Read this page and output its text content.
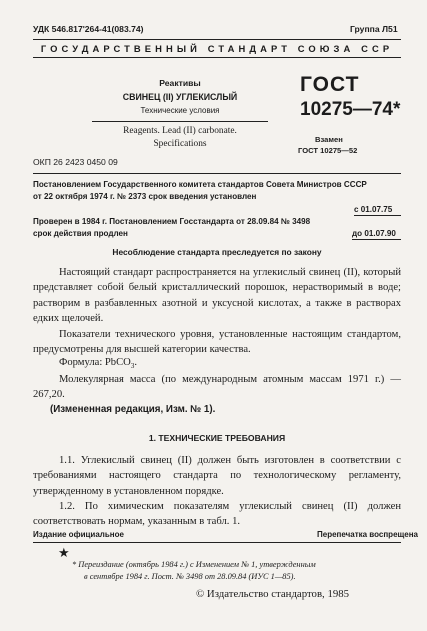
УДК 546.817'264-41(083.74)	Группа Л51
ГОСУДАРСТВЕННЫЙ СТАНДАРТ СОЮЗА ССР
Реактивы
СВИНЕЦ (II) УГЛЕКИСЛЫЙ
Технические условия
Reagents. Lead (II) carbonate.
Specifications
ГОСТ
10275—74*
Взамен
ГОСТ 10275—52
ОКП 26 2423 0450 09
Постановлением Государственного комитета стандартов Совета Министров СССР
от 22 октября 1974 г. № 2373 срок введения установлен
с 01.07.75
Проверен в 1984 г. Постановлением Госстандарта от 28.09.84 № 3498
срок действия продлен	до 01.07.90
Несоблюдение стандарта преследуется по закону

Настоящий стандарт распространяется на углекислый свинец (II), который представляет собой белый кристаллический порошок, нерастворимый в воде; растворим в разбавленных азотной и уксусной кислотах, а также в растворах едких щелочей.

Показатели технического уровня, установленные настоящим стандартом, предусмотрены для высшей категории качества.

Формула: PbCO$_3$.

Молекулярная масса (по международным атомным массам 1971 г.) — 267,20.

(Измененная редакция, Изм. № 1).
1. ТЕХНИЧЕСКИЕ ТРЕБОВАНИЯ

1.1. Углекислый свинец (II) должен быть изготовлен в соответствии с требованиями настоящего стандарта по технологическому регламенту, утвержденному в установленном порядке.

1.2. По химическим показателям углекислый свинец (II) должен соответствовать нормам, указанным в табл. 1.

Издание официальное	Перепечатка воспрещена
★
* Переиздание (октябрь 1984 г.) с Изменением № 1, утвержденным
в сентябре 1984 г. Пост. № 3498 от 28.09.84 (ИУС 1—85).
© Издательство стандартов, 1985
